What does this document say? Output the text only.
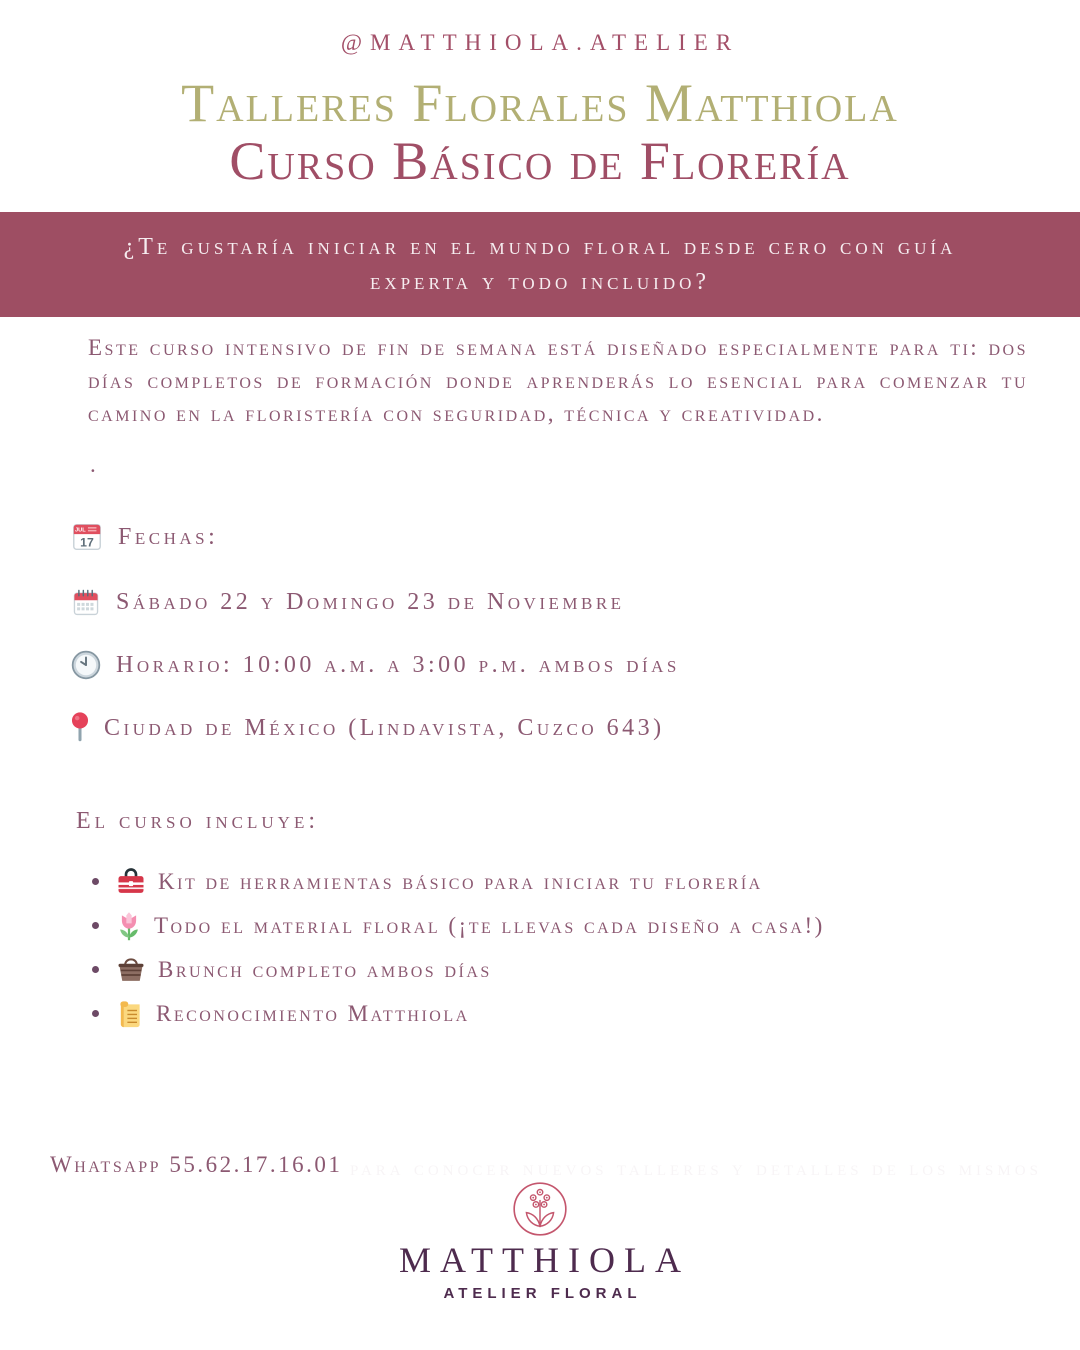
@MATTHIOLA.ATELIER
Talleres Florales Matthiola
Curso Básico de Florería
¿Te gustaría iniciar en el mundo floral desde cero con guía experta y todo incluido?
Este curso intensivo de fin de semana está diseñado especialmente para ti: dos días completos de formación donde aprenderás lo esencial para comenzar tu camino en la floristería con seguridad, técnica y creatividad.
.
JUL
17 Fechas:
Sábado 22 y Domingo 23 de Noviembre
Horario: 10:00 a.m. a 3:00 p.m. ambos días
Ciudad de México (Lindavista, Cuzco 643)
El curso incluye:
Kit de herramientas básico para iniciar tu florería
Todo el material floral (¡te llevas cada diseño a casa!)
Brunch completo ambos días
Reconocimiento Matthiola
Whatsapp 55.62.17.16.01 para conocer nuevos talleres y detalles de los mismos
MATTHIOLA
ATELIER FLORAL
